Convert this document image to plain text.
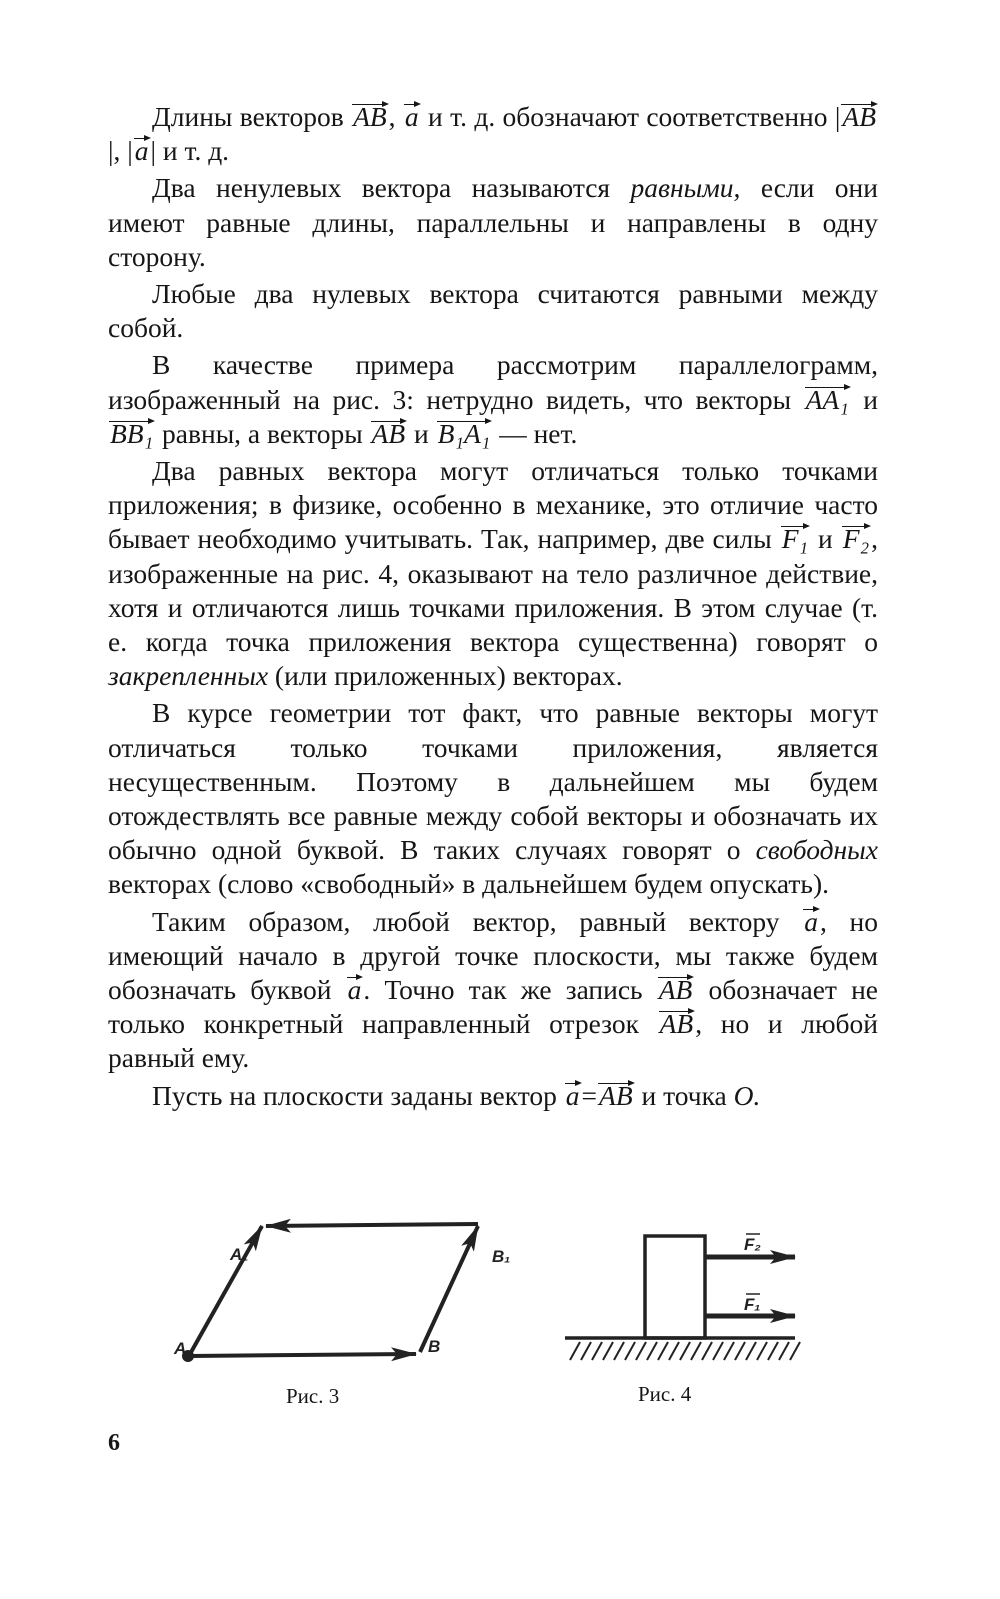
Длины векторов AB, a и т. д. обозначают соответственно |AB|, |a| и т. д.

Два ненулевых вектора называются равными, если они имеют равные длины, параллельны и направлены в одну сторону.

Любые два нулевых вектора считаются равными между собой.

В качестве примера рассмотрим параллелограмм, изображенный на рис. 3: нетрудно видеть, что векторы AA₁ и BB₁ равны, а векторы AB и B₁A₁ — нет.

Два равных вектора могут отличаться только точками приложения; в физике, особенно в механике, это отличие часто бывает необходимо учитывать. Так, например, две силы F₁ и F₂, изображенные на рис. 4, оказывают на тело различное действие, хотя и отличаются лишь точками приложения. В этом случае (т. е. когда точка приложения вектора существенна) говорят о закрепленных (или приложенных) векторах.

В курсе геометрии тот факт, что равные векторы могут отличаться только точками приложения, является несущественным. Поэтому в дальнейшем мы будем отождествлять все равные между собой векторы и обозначать их обычно одной буквой. В таких случаях говорят о свободных векторах (слово «свободный» в дальнейшем будем опускать).

Таким образом, любой вектор, равный вектору a, но имеющий начало в другой точке плоскости, мы также будем обозначать буквой a. Точно так же запись AB обозначает не только конкретный направленный отрезок AB, но и любой равный ему.

Пусть на плоскости заданы вектор a=AB и точка O.

A	B
A₁	B₁
F₂
F₁
Рис. 3	Рис. 4
6
